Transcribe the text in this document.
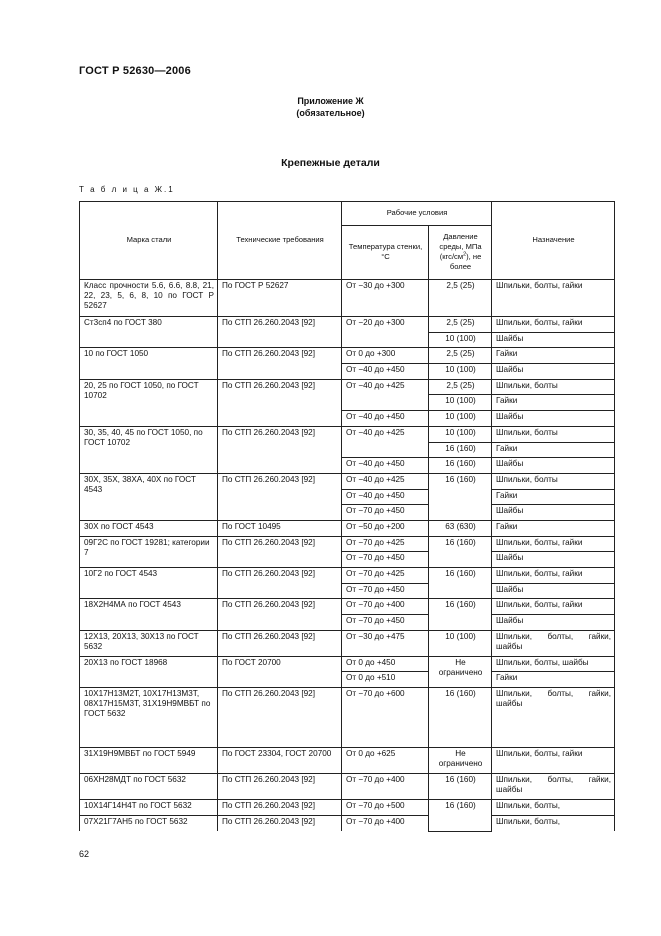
ГОСТ Р 52630—2006
Приложение Ж
(обязательное)
Крепежные детали
Т а б л и ц а Ж.1
Марка стали	Технические требования	Рабочие условия		Назначение
		Температура стенки, °С	Давление среды, МПа $(кгс/см^2)$, не более	
Класс прочности 5.6, 6.6, 8.8, 21, 22, 23, 5, 6, 8, 10 по ГОСТ Р 52627	По ГОСТ Р 52627	От −30 до +300	2,5 (25)	Шпильки, болты, гайки
Ст3сп4 по ГОСТ 380	По СТП 26.260.2043 [92]	От −20 до +300	2,5 (25)	Шпильки, болты, гайки
			10 (100)	Шайбы
10 по ГОСТ 1050	По СТП 26.260.2043 [92]	От 0 до +300	2,5 (25)	Гайки
		От −40 до +450	10 (100)	Шайбы
20, 25 по ГОСТ 1050, по ГОСТ 10702	По СТП 26.260.2043 [92]	От −40 до +425	2,5 (25)	Шпильки, болты
			10 (100)	Гайки
		От −40 до +450	10 (100)	Шайбы
30, 35, 40, 45 по ГОСТ 1050, по ГОСТ 10702	По СТП 26.260.2043 [92]	От −40 до +425	10 (100)	Шпильки, болты
			16 (160)	Гайки
		От −40 до +450	16 (160)	Шайбы
30Х, 35Х, 38ХА, 40Х по ГОСТ 4543	По СТП 26.260.2043 [92]	От −40 до +425	16 (160)	Шпильки, болты
		От −40 до +450		Гайки
		От −70 до +450		Шайбы
30Х по ГОСТ 4543	По ГОСТ 10495	От −50 до +200	63 (630)	Гайки
09Г2С по ГОСТ 19281; категории 7	По СТП 26.260.2043 [92]	От −70 до +425	16 (160)	Шпильки, болты, гайки
		От −70 до +450		Шайбы
10Г2 по ГОСТ 4543	По СТП 26.260.2043 [92]	От −70 до +425	16 (160)	Шпильки, болты, гайки
		От −70 до +450		Шайбы
18Х2Н4МА по ГОСТ 4543	По СТП 26.260.2043 [92]	От −70 до +400	16 (160)	Шпильки, болты, гайки
		От −70 до +450		Шайбы
12Х13, 20Х13, 30Х13 по ГОСТ 5632	По СТП 26.260.2043 [92]	От −30 до +475	10 (100)	Шпильки, болты, гайки, шайбы
20Х13 по ГОСТ 18968	По ГОСТ 20700	От 0 до +450	Не ограничено	Шпильки, болты, шайбы
		От 0 до +510		Гайки
10Х17Н13М2Т, 10Х17Н13М3Т, 08Х17Н15М3Т, 31Х19Н9МВБТ по ГОСТ 5632	По СТП 26.260.2043 [92]	От −70 до +600	16 (160)	Шпильки, болты, гайки, шайбы
31Х19Н9МВБТ по ГОСТ 5949	По ГОСТ 23304, ГОСТ 20700	От 0 до +625	Не ограничено	Шпильки, болты, гайки
06ХН28МДТ по ГОСТ 5632	По СТП 26.260.2043 [92]	От −70 до +400	16 (160)	Шпильки, болты, гайки, шайбы
10Х14Г14Н4Т по ГОСТ 5632	По СТП 26.260.2043 [92]	От −70 до +500	16 (160)	Шпильки, болты,
07Х21Г7АН5 по ГОСТ 5632	По СТП 26.260.2043 [92]	От −70 до +400		Шпильки, болты,
62
